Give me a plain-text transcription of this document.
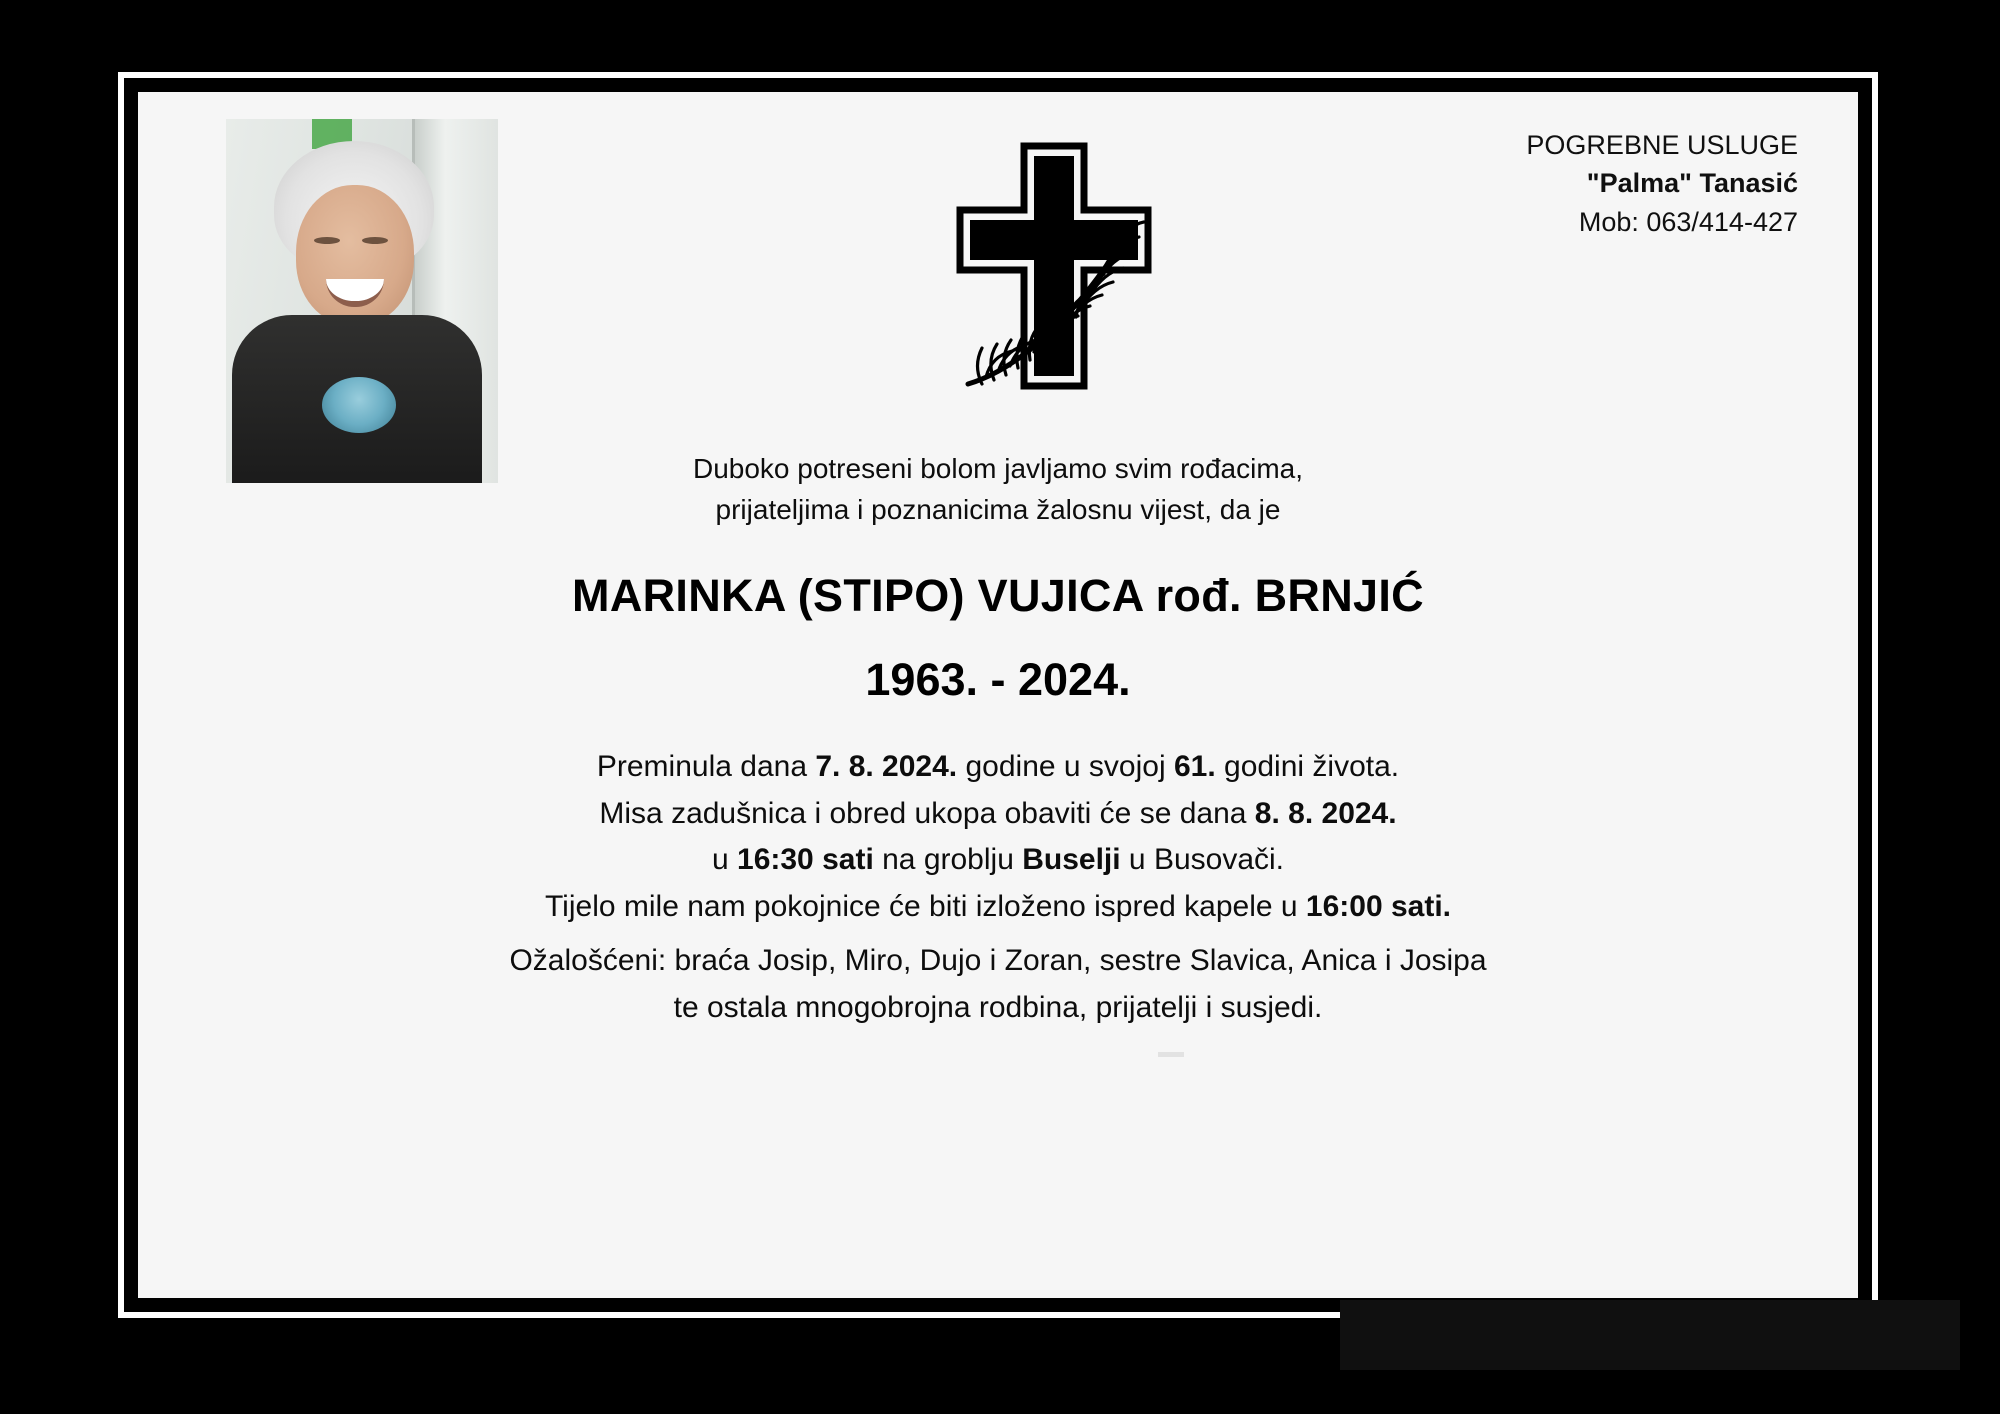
POGREBNE USLUGE
"Palma" Tanasić
Mob: 063/414-427
Duboko potreseni bolom javljamo svim rođacima,
prijateljima i poznanicima žalosnu vijest, da je
MARINKA (STIPO) VUJICA rođ. BRNJIĆ
1963. - 2024.
Preminula dana 7. 8. 2024. godine u svojoj 61. godini života.
Misa zadušnica i obred ukopa obaviti će se dana 8. 8. 2024.
u 16:30 sati na groblju Buselji u Busovači.
Tijelo mile nam pokojnice će biti izloženo ispred kapele u 16:00 sati.
Ožalošćeni: braća Josip, Miro, Dujo i Zoran, sestre Slavica, Anica i Josipa
te ostala mnogobrojna rodbina, prijatelji i susjedi.
